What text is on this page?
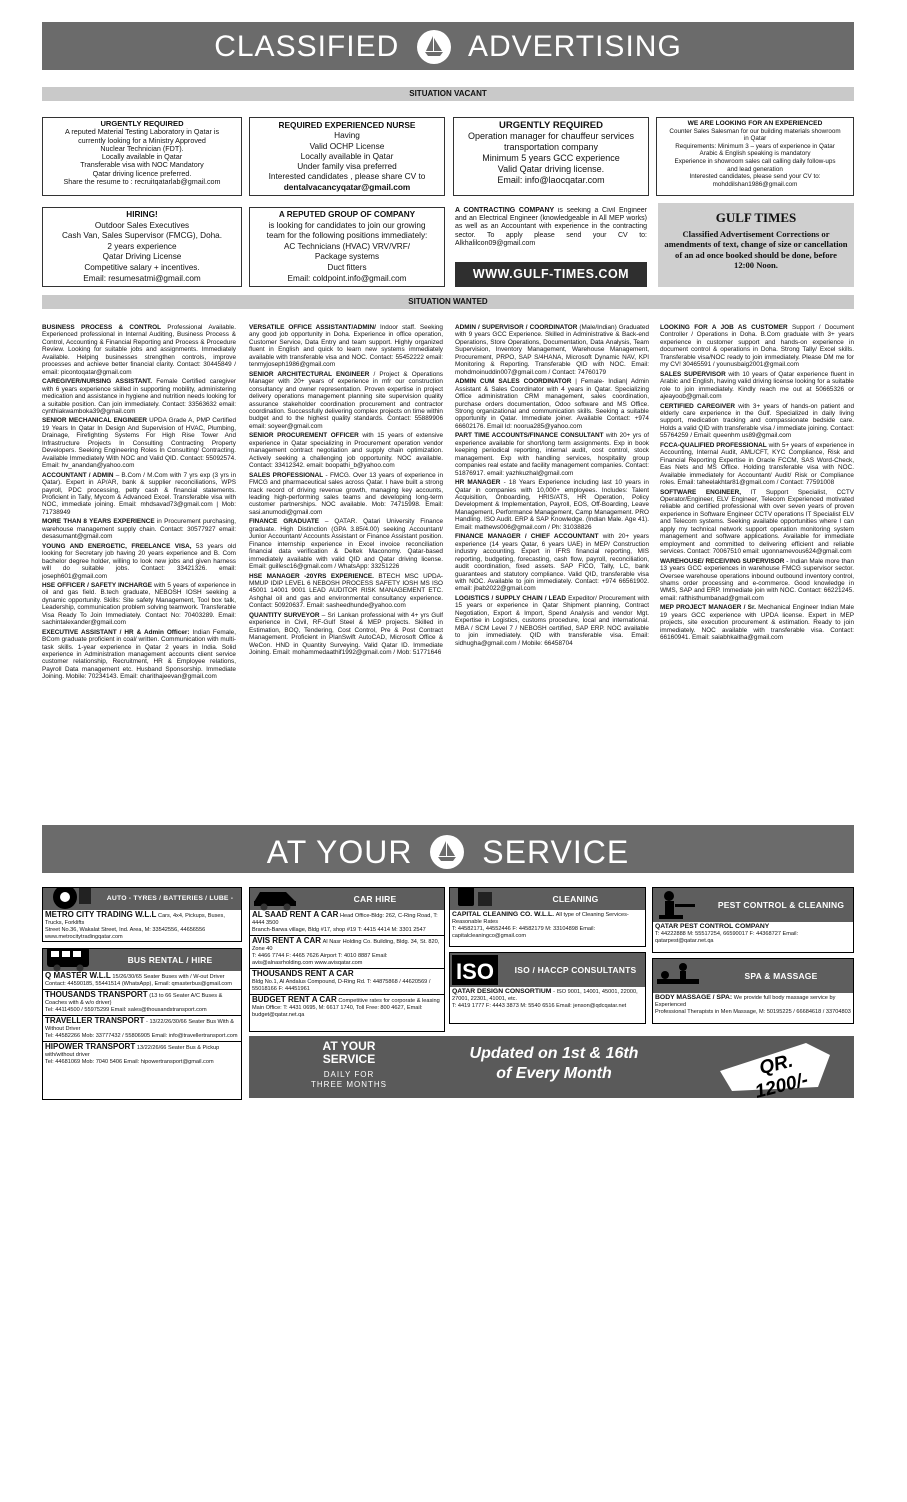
CLASSIFIED ADVERTISING
SITUATION VACANT
URGENTLY REQUIRED
A reputed Material Testing Laboratory in Qatar is
currently looking for a Ministry Approved
Nuclear Technician (FDT).
Locally available in Qatar
Transferable visa with NOC Mandatory
Qatar driving licence preferred.
Share the resume to : recruitqatarlab@gmail.com
REQUIRED EXPERIENCED NURSE
Having
Valid OCHP License
Locally available in Qatar
Under family visa preferred
Interested candidates , please share CV to
dentalvacancyqatar@gmail.com
URGENTLY REQUIRED
Operation manager for chauffeur services
transportation company
Minimum 5 years GCC experience
Valid Qatar driving license.
Email: info@laocqatar.com
WE ARE LOOKING FOR AN EXPERIENCED
Counter Sales Salesman for our building materials showroom
in Qatar
Requirements: Minimum 3 – years of experience in Qatar
Arabic & English speaking is mandatory
Experience in showroom sales call calling daily follow-ups
and lead generation
Interested candidates, please send your CV to:
mohddilshan1986@gmail.com
HIRING!
Outdoor Sales Executives
Cash Van, Sales Supervisor (FMCG), Doha.
2 years experience
Qatar Driving License
Competitive salary + incentives.
Email: resumesatmi@gmail.com
A REPUTED GROUP OF COMPANY
is looking for candidates to join our growing
team for the following positions immediately:
AC Technicians (HVAC) VRV/VRF/
Package systems
Duct fitters
Email: coldpoint.info@gmail.com
A CONTRACTING COMPANY is seeking a Civil Engineer and an Electrical Engineer (knowledgeable in All MEP works) as well as an Accountant with experience in the contracting sector. To apply please send your CV to: Alkhalilcon09@gmail.com
WWW.GULF-TIMES.COM
GULF TIMES
Classified Advertisement Corrections or amendments of text, change of size or cancellation of an ad once booked should be done, before 12:00 Noon.
SITUATION WANTED

BUSINESS PROCESS & CONTROL Professional Available. Experienced professional in Internal Auditing, Business Process & Control, Accounting & Financial Reporting and Process & Procedure Review. Looking for suitable jobs and assignments. Immediately Available. Helping businesses strengthen controls, improve processes and achieve better financial clarity. Contact: 30445849 / email: picontoqatar@gmail.com

CAREGIVER/NURSING ASSISTANT. Female Certified caregiver with 6 years experience skilled in supporting mobility, administering medication and assistance in hygiene and nutrition needs looking for a suitable position. Can join immediately. Contact: 33563632 email: cynthiakwamboka39@gmail.com

SENIOR MECHANICAL ENGINEER UPDA Grade A, PMP Certified 19 Years In Qatar In Design And Supervision of HVAC, Plumbing, Drainage, Firefighting Systems For High Rise Tower And Infrastructure Projects In Consulting Contracting Property Developers. Seeking Engineering Roles In Consulting/ Contracting. Available Immediately With NOC and Valid QID. Contact: 55092574. Email: hv_anandan@yahoo.com

ACCOUNTANT / ADMIN – B.Com / M.Com with 7 yrs exp (3 yrs in Qatar). Expert in AP/AR, bank & supplier reconciliations, WPS payroll, PDC processing, petty cash & financial statements. Proficient in Tally, Mycom & Advanced Excel. Transferable visa with NOC, immediate joining. Email: mhdsavad73@gmail.com | Mob: 71738949

MORE THAN 8 YEARS EXPERIENCE in Procurement purchasing, warehouse management supply chain. Contact: 30577927 email: desasumant@gmail.com

YOUNG AND ENERGETIC, FREELANCE VISA, 53 years old looking for Secretary job having 20 years experience and B. Com bachelor degree holder, willing to look new jobs and given harness will do suitable jobs. Contact: 33421326. email: joseph601@gmail.com

HSE OFFICER / SAFETY INCHARGE with 5 years of experience in oil and gas field. B.tech graduate, NEBOSH IOSH seeking a dynamic opportunity. Skills: Site safety Management, Tool box talk, Leadership, communication problem solving teamwork. Transferable Visa Ready To Join Immediately. Contact No: 70403289. Email: sachintalexander@gmail.com

EXECUTIVE ASSISTANT / HR & Admin Officer: Indian Female, BCom graduate proficient in coal/ written. Communication with multi-task skills. 1-year experience in Qatar 2 years in India. Solid experience in Administration management accounts client service customer relationship, Recruitment, HR & Employee relations, Payroll Data management etc. Husband Sponsorship. Immediate Joining. Mobile: 70234143. Email: charithajeevan@gmail.com

VERSATILE OFFICE ASSISTANT/ADMIN/ Indoor staff. Seeking any good job opportunity in Doha. Experience in office operation, Customer Service, Data Entry and team support. Highly organized fluent in English and quick to learn new systems immediately available with transferable visa and NOC. Contact: 55452222 email: tenmyjoseph1986@gmail.com

SENIOR ARCHITECTURAL ENGINEER / Project & Operations Manager with 20+ years of experience in mfr our construction consultancy and owner representation. Proven expertise in project delivery operations management planning site supervision quality assurance stakeholder coordination procurement and contractor coordination. Successfully delivering complex projects on time within budget and to the highest quality standards. Contact: 55889906 email: soyeer@gmail.com

SENIOR PROCUREMENT OFFICER with 15 years of extensive experience in Qatar specializing in Procurement operation vendor management contract negotiation and supply chain optimization. Actively seeking a challenging job opportunity. NOC available. Contact: 33412342. email: boopathi_b@yahoo.com

SALES PROFESSIONAL - FMCG. Over 13 years of experience in FMCG and pharmaceutical sales across Qatar. I have built a strong track record of driving revenue growth, managing key accounts, leading high-performing sales teams and developing long-term customer partnerships. NOC available. Mob: 74715998. Email: sasi.anumodi@gmail.com

FINANCE GRADUATE – QATAR. Qatari University Finance graduate. High Distinction (GPA 3.85/4.00) seeking Accountant/ Junior Accountant/ Accounts Assistant or Finance Assistant position. Finance internship experience in Excel invoice reconciliation financial data verification & Deltek Maconomy. Qatar-based immediately available with valid QID and Qatar driving license. Email: guillesc16@gmail.com / WhatsApp: 33251226

HSE MANAGER -20YRS EXPERIENCE. BTECH MSC UPDA-MMUP IDIP LEVEL 6 NEBOSH PROCESS SAFETY IOSH MS ISO 45001 14001 9001 LEAD AUDITOR RISK MANAGEMENT ETC. Ashghal oil and gas and environmental consultancy experience. Contact: 50920637. Email: sasheedhunde@yahoo.com

QUANTITY SURVEYOR – Sri Lankan professional with 4+ yrs Gulf experience in Civil, RF-Gulf Steel & MEP projects. Skilled in Estimation, BOQ, Tendering, Cost Control, Pre & Post Contract Management. Proficient in PlanSwift AutoCAD, Microsoft Office & WeCon. HND in Quantity Surveying. Valid Qatar ID. Immediate Joining. Email: mohammedaathif1992@gmail.com / Mob: 51771646

ADMIN / SUPERVISOR / COORDINATOR (Male/Indian) Graduated with 9 years GCC Experience. Skilled in Administrative & Back-end Operations, Store Operations, Documentation, Data Analysis, Team Supervision, Inventory Management, Warehouse Management, Procurement, PRPO, SAP S/4HANA, Microsoft Dynamic NAV, KPI Monitoring & Reporting. Transferable QID with NOC. Email: mohdmoinuddin007@gmail.com / Contact: 74760179

ADMIN CUM SALES COORDINATOR | Female- Indian| Admin Assistant & Sales Coordinator with 4 years in Qatar. Specializing Office administration CRM management, sales coordination, purchase orders documentation, Odoo software and MS Office. Strong organizational and communication skills. Seeking a suitable opportunity in Qatar. Immediate joiner. Available Contact: +974 66602176. Email Id: noorua285@yahoo.com

PART TIME ACCOUNTS/FINANCE CONSULTANT with 20+ yrs of experience available for short/long term assignments. Exp in book keeping periodical reporting, internal audit, cost control, stock management. Exp with handling services, hospitality group companies real estate and facility management companies. Contact: 51876917. email: yazhkuzhal@gmail.com

HR MANAGER - 18 Years Experience including last 10 years in Qatar in companies with 10,000+ employees. Includes: Talent Acquisition, Onboarding, HRIS/ATS, HR Operation, Policy Development & Implementation, Payroll, EOS, Off-Boarding, Leave Management, Performance Management, Camp Management. PRO Handling. ISO Audit. ERP & SAP Knowledge. (Indian Male. Age 41). Email: mathews006@gmail.com / Ph: 31038826

FINANCE MANAGER / CHIEF ACCOUNTANT with 20+ years experience (14 years Qatar, 6 years UAE) in MEP/ Construction industry accounting. Expert in IFRS financial reporting, MIS reporting, budgeting, forecasting, cash flow, payroll, reconciliation, audit coordination, fixed assets. SAP FICO, Tally, LC, bank guarantees and statutory compliance. Valid QID, transferable visa with NOC. Available to join immediately. Contact: +974 66561902. email: jbab2022@gmail.com

LOGISTICS / SUPPLY CHAIN / LEAD Expeditor/ Procurement with 15 years or experience in Qatar Shipment planning, Contract Negotiation, Export & Import, Spend Analysis and vendor Mgt. Expertise in Logistics, customs procedure, local and international. MBA / SCM Level 7 / NEBOSH certified, SAP ERP. NOC available to join immediately. QID with transferable visa. Email: sidhugha@gmail.com / Mobile: 66458704

LOOKING FOR A JOB AS CUSTOMER Support / Document Controller / Operations in Doha. B.Com graduate with 3+ years experience in customer support and hands-on experience in document control & operations in Doha. Strong Tally/ Excel skills. Transferable visa/NOC ready to join immediately. Please DM me for my CV! 30465591 / younusbaig2001@gmail.com

SALES SUPERVISOR with 10 years of Qatar experience fluent in Arabic and English, having valid driving license looking for a suitable role to join immediately. Kindly reach me out at 50665326 or ajeayoob@gmail.com

CERTIFIED CAREGIVER with 3+ years of hands-on patient and elderly care experience in the Gulf. Specialized in daily living support, medication tracking and compassionate bedside care. Holds a valid QID with transferable visa / immediate joining. Contact: 55764259 / Email: queenhm us89@gmail.com

FCCA-QUALIFIED PROFESSIONAL with 5+ years of experience in Accounting, Internal Audit, AML/CFT, KYC Compliance, Risk and Financial Reporting Expertise in Oracle FCCM, SAS Word-Check, Eas Nets and MS Office. Holding transferable visa with NOC. Available immediately for Accountant/ Audit/ Risk or Compliance roles. Email: taheelakhtar81@gmail.com / Contact: 77591008

SOFTWARE ENGINEER, IT Support Specialist, CCTV Operator/Engineer, ELV Engineer, Telecom Experienced motivated reliable and certified professional with over seven years of proven experience in Software Engineer CCTV operations IT Specialist ELV and Telecom systems. Seeking available opportunities where I can apply my technical network support operation monitoring system management and software applications. Available for immediate employment and committed to delivering efficient and reliable services. Contact: 70067510 email: ugonnamevous624@gmail.com

WAREHOUSE/ RECEIVING SUPERVISOR - Indian Male more than 13 years GCC experiences in warehouse FMCG supervisor sector. Oversee warehouse operations inbound outbound inventory control, shams order processing and e-commerce. Good knowledge in WMS, SAP and ERP. Immediate join with NOC. Contact: 66221245. email: rafthisthumbanad@gmail.com

MEP PROJECT MANAGER / Sr. Mechanical Engineer Indian Male 19 years GCC experience with UPDA license. Expert in MEP projects, site execution procurement & estimation. Ready to join immediately. NOC available with transferable visa. Contact: 66160941. Email: saiabhkaitha@gmail.com

AT YOUR SERVICE
AUTO - TYRES / BATTERIES / LUBE - CHANGING
METRO CITY TRADING W.L.L Cars, 4x4, Pickups, Buses, Trucks, Forklifts
Street No.36, Wakalat Street, Ind. Area, M: 33542556, 44656556 www.metrocitytradingqatar.com
BUS RENTAL / HIRE
Q MASTER W.L.L 15/26/30/65 Seater Buses with / W-out Driver
Contact: 44590185, 55441514 (WhatsApp), Email: qmasterbus@gmail.com
THOUSANDS TRANSPORT (13 to 66 Seater A/C Buses & Coaches with & w/o driver)
Tel: 44114500 / 55975299 Email: sales@thousandstransport.com
TRAVELLER TRANSPORT - 13/22/26/30/66 Seater Bus With & Without Driver
Tel: 44582266 Mob: 33777432 / 55806905 Email: info@travellertransport.com
HIPOWER TRANSPORT 13/22/26/66 Seater Bus & Pickup with/without driver
Tel: 44681069 Mob: 7040 5406 Email: hipowertransport@gmail.com
CAR HIRE
AL SAAD RENT A CAR Head Office-Bldg: 262, C-Ring Road, T: 4444 3500
Branch-Barwa village, Bldg #17, shop #19 T: 4415 4414 M: 3301 2547
AVIS RENT A CAR Al Nasr Holding Co. Building, Bldg. 34, St. 820, Zone 40
T: 4466 7744 F: 4465 7626 Airport T: 4010 8887 Email: avis@alnasrholding.com www.avisqatar.com
THOUSANDS RENT A CAR
Bldg No.1, Al Andalus Compound, D-Ring Rd. T: 44875868 / 44620569 / 55018166 F: 44451961
BUDGET RENT A CAR Competitive rates for corporate & leasing
Main Office: T: 4431 0695, M: 6617 1740, Toll Free: 800 4627, Email: budget@qatar.net.qa
CLEANING
CAPITAL CLEANING CO. W.L.L. All type of Cleaning Services-Reasonable Rates
T: 44582171, 44552446 F: 44582179 M: 33104898 Email: capitalcleaningco@gmail.com
ISO	ISO / HACCP CONSULTANTS
QATAR DESIGN CONSORTIUM - ISO 9001, 14001, 45001, 22000, 27001, 22301, 41001, etc.
T: 4419 1777 F: 4443 3873 M: 5540 6516 Email: jenson@qdcqatar.net
PEST CONTROL & CLEANING
QATAR PEST CONTROL COMPANY
T: 44222888 M: 55517254, 66590017 F: 44368727 Email: qatarpest@qatar.net.qa
SPA & MASSAGE
BODY MASSAGE / SPA: We provide full body massage service by Experienced
Professional Therapists in Men Massage, M: 50195225 / 66684618 / 33704803
AT YOUR
SERVICE
DAILY FOR
THREE MONTHS
Updated on 1st & 16th
of Every Month	QR. 1200/-
